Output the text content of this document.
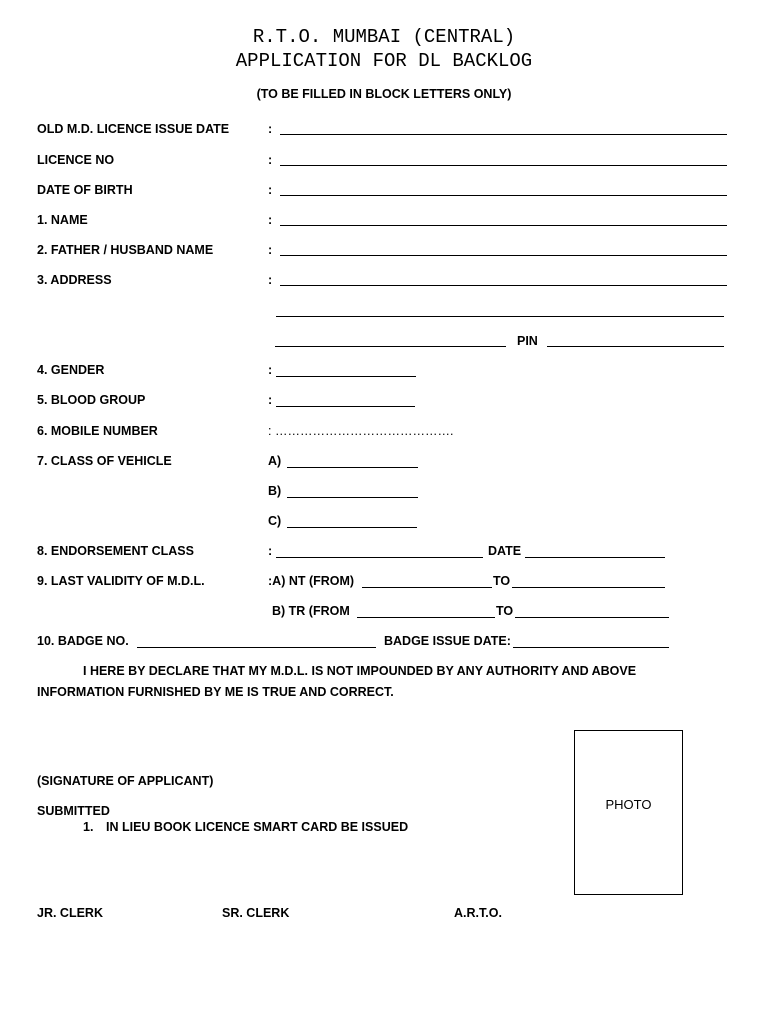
R.T.O. MUMBAI (CENTRAL)
APPLICATION FOR DL BACKLOG
(TO BE FILLED IN BLOCK LETTERS ONLY)
OLD M.D. LICENCE ISSUE DATE	:
LICENCE NO	:
DATE OF BIRTH	:
1. NAME	:
2. FATHER / HUSBAND NAME	:
3. ADDRESS	:
PIN
4. GENDER	:
5. BLOOD GROUP	:
6. MOBILE NUMBER	: …………………………………….
7. CLASS OF VEHICLE	A)
B)
C)
8. ENDORSEMENT CLASS	:	DATE
9. LAST VALIDITY OF M.D.L.	:A) NT (FROM)	TO
B) TR (FROM	TO
10. BADGE NO.	BADGE ISSUE DATE:
I HERE BY DECLARE THAT MY M.D.L. IS NOT IMPOUNDED BY ANY AUTHORITY AND ABOVE
INFORMATION FURNISHED BY ME IS TRUE AND CORRECT.
PHOTO
(SIGNATURE OF APPLICANT)
SUBMITTED
1. IN LIEU BOOK LICENCE SMART CARD BE ISSUED
JR. CLERK	SR. CLERK	A.R.T.O.
